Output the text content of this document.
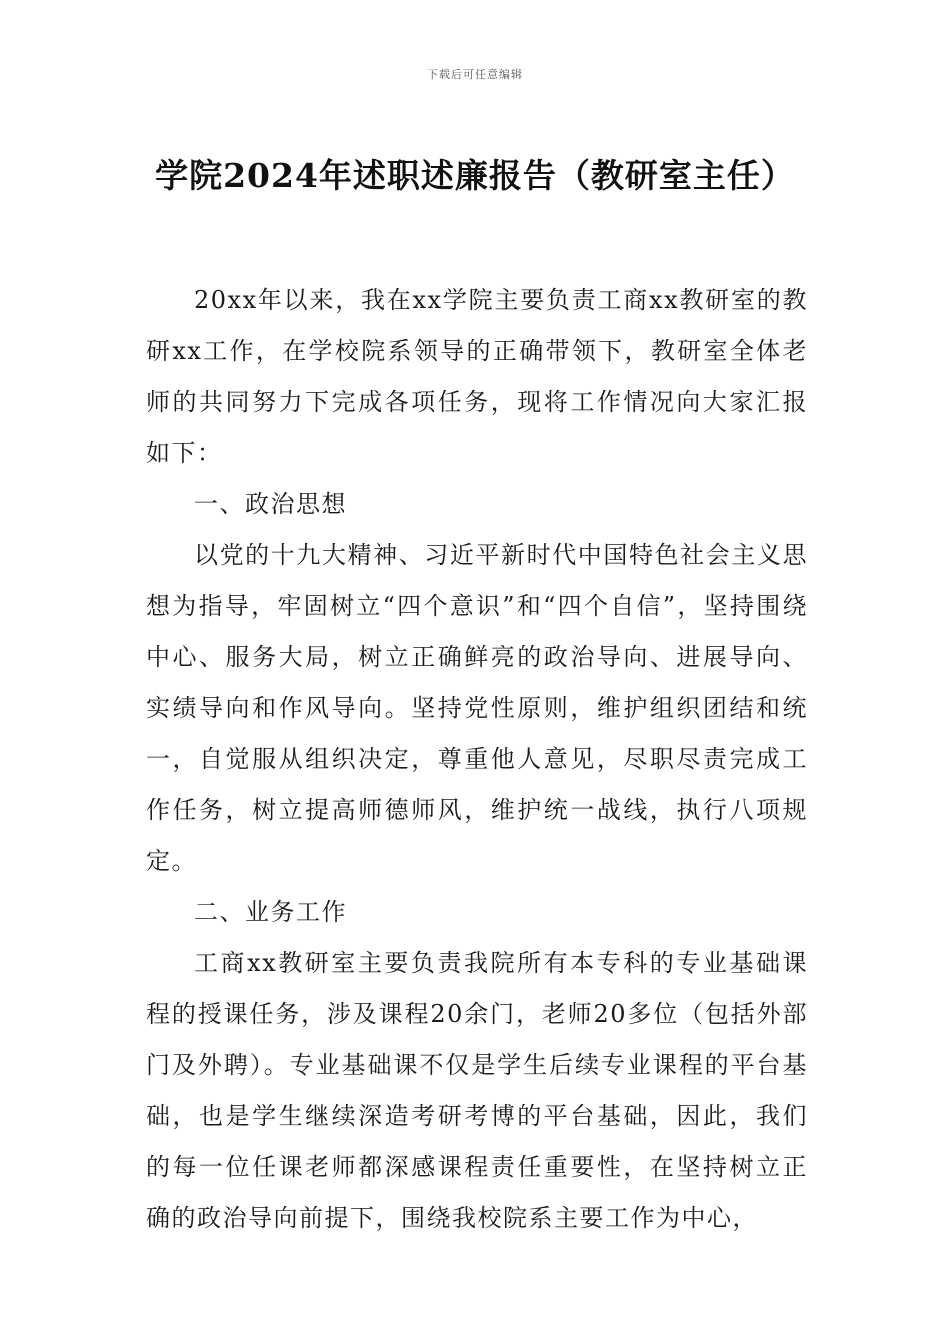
下载后可任意编辑
学院2024年述职述廉报告（教研室主任）

20xx年以来，我在xx学院主要负责工商xx教研室的教研xx工作，在学校院系领导的正确带领下，教研室全体老师的共同努力下完成各项任务，现将工作情况向大家汇报如下：

一、政治思想

以党的十九大精神、习近平新时代中国特色社会主义思想为指导，牢固树立“四个意识”和“四个自信”，坚持围绕中心、服务大局，树立正确鲜亮的政治导向、进展导向、实绩导向和作风导向。坚持党性原则，维护组织团结和统一，自觉服从组织决定，尊重他人意见，尽职尽责完成工作任务，树立提高师德师风，维护统一战线，执行八项规定。

二、业务工作

工商xx教研室主要负责我院所有本专科的专业基础课程的授课任务，涉及课程20余门，老师20多位（包括外部门及外聘）。专业基础课不仅是学生后续专业课程的平台基础，也是学生继续深造考研考博的平台基础，因此，我们的每一位任课老师都深感课程责任重要性，在坚持树立正确的政治导向前提下，围绕我校院系主要工作为中心，
